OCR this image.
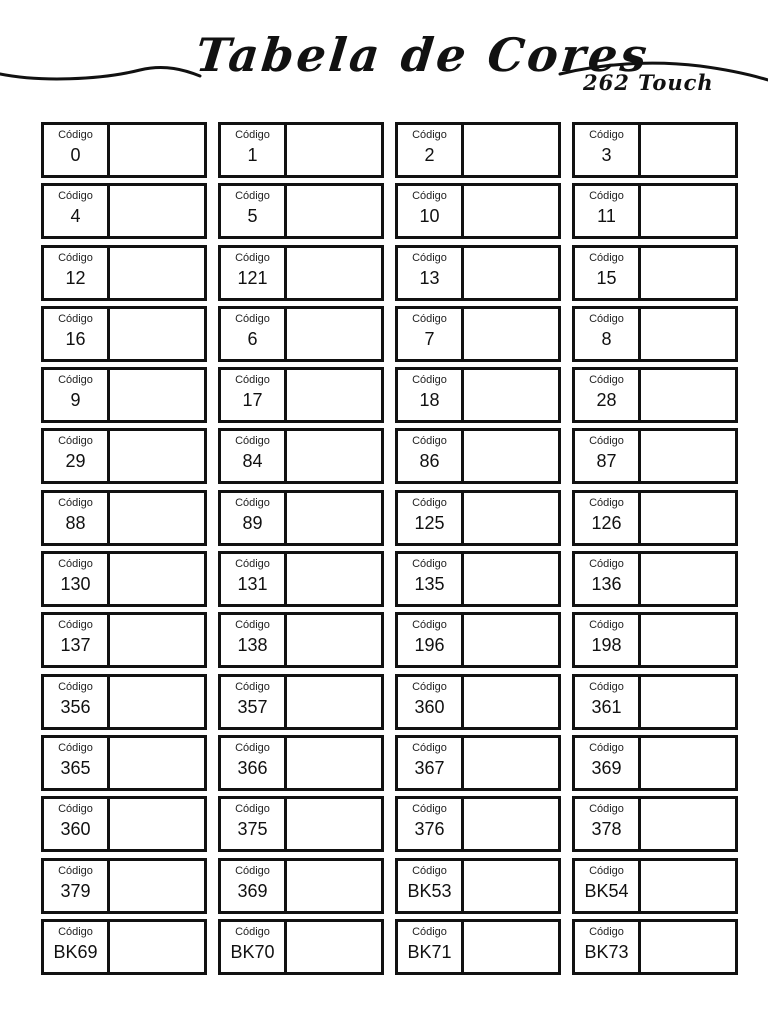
Tabela de Cores
262 Touch
Código
0
Código
1
Código
2
Código
3
Código
4
Código
5
Código
10
Código
11
Código
12
Código
121
Código
13
Código
15
Código
16
Código
6
Código
7
Código
8
Código
9
Código
17
Código
18
Código
28
Código
29
Código
84
Código
86
Código
87
Código
88
Código
89
Código
125
Código
126
Código
130
Código
131
Código
135
Código
136
Código
137
Código
138
Código
196
Código
198
Código
356
Código
357
Código
360
Código
361
Código
365
Código
366
Código
367
Código
369
Código
360
Código
375
Código
376
Código
378
Código
379
Código
369
Código
BK53
Código
BK54
Código
BK69
Código
BK70
Código
BK71
Código
BK73
